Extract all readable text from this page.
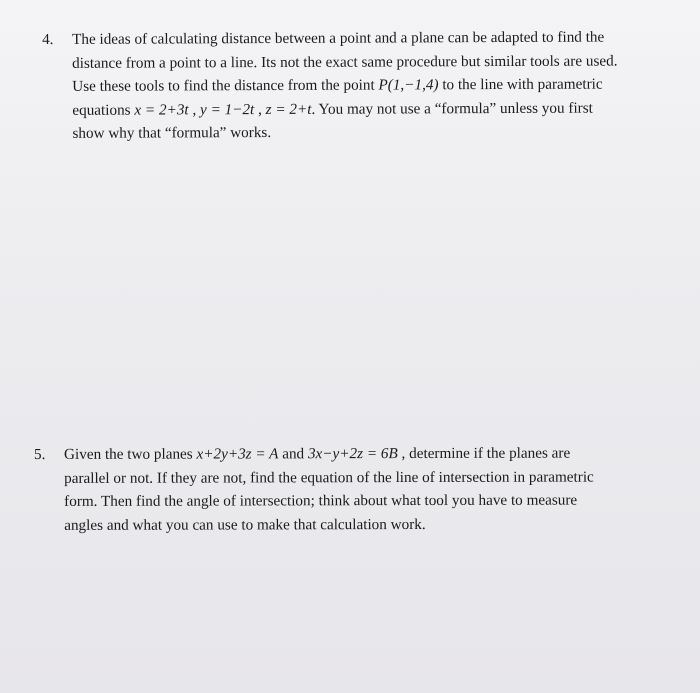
4. The ideas of calculating distance between a point and a plane can be adapted to find the
distance from a point to a line. Its not the exact same procedure but similar tools are used.
Use these tools to find the distance from the point P(1,−1,4) to the line with parametric
equations x = 2+3t , y = 1−2t , z = 2+t. You may not use a “formula” unless you first
show why that “formula” works.
5. Given the two planes x+2y+3z = A and 3x−y+2z = 6B , determine if the planes are
parallel or not. If they are not, find the equation of the line of intersection in parametric
form. Then find the angle of intersection; think about what tool you have to measure
angles and what you can use to make that calculation work.
